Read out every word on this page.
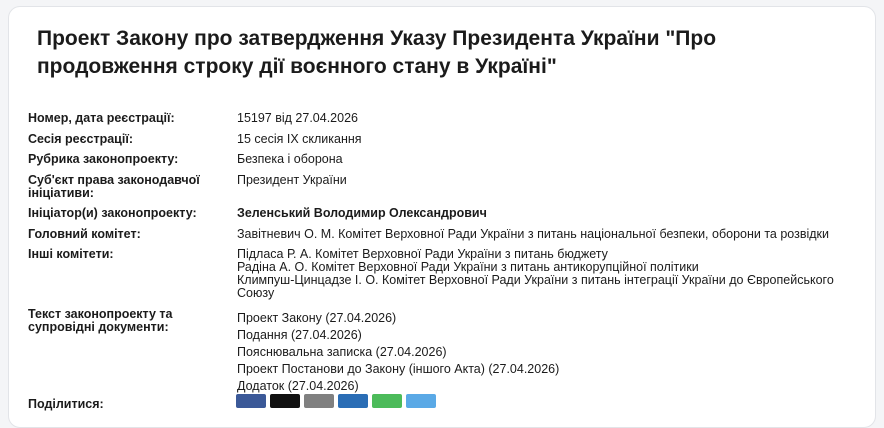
Проект Закону про затвердження Указу Президента України "Про продовження строку дії воєнного стану в Україні"
Номер, дата реєстрації:	15197 від 27.04.2026
Сесія реєстрації:	15 сесія IX скликання
Рубрика законопроекту:	Безпека і оборона
Суб'єкт права законодавчої ініціативи:
Президент України
Ініціатор(и) законопроекту:	Зеленський Володимир Олександрович
Головний комітет:	Завітневич О. М. Комітет Верховної Ради України з питань національної безпеки, оборони та розвідки
Інші комітети:	Підласа Р. А. Комітет Верховної Ради України з питань бюджету
Радіна А. О. Комітет Верховної Ради України з питань антикорупційної політики
Климпуш-Цинцадзе І. О. Комітет Верховної Ради України з питань інтеграції України до Європейського Союзу
Текст законопроекту та супровідні документи:
Проект Закону (27.04.2026)
Подання (27.04.2026)
Пояснювальна записка (27.04.2026)
Проект Постанови до Закону (іншого Акта) (27.04.2026)
Додаток (27.04.2026)
Поділитися:
